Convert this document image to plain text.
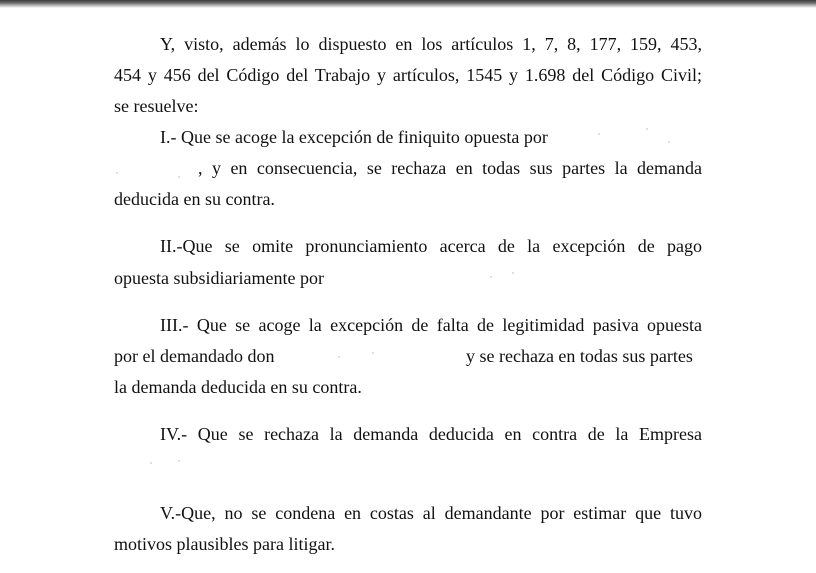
Y, visto, además lo dispuesto en los artículos 1, 7, 8, 177, 159, 453,
454 y 456 del Código del Trabajo y artículos, 1545 y 1.698 del Código Civil;
se resuelve:
I.- Que se acoge la excepción de finiquito opuesta por
, y en consecuencia, se rechaza en todas sus partes la demanda
deducida en su contra.
II.-Que se omite pronunciamiento acerca de la excepción de pago
opuesta subsidiariamente por
III.- Que se acoge la excepción de falta de legitimidad pasiva opuesta
por el demandado don	y se rechaza en todas sus partes
la demanda deducida en su contra.
IV.- Que se rechaza la demanda deducida en contra de la Empresa
V.-Que, no se condena en costas al demandante por estimar que tuvo
motivos plausibles para litigar.
